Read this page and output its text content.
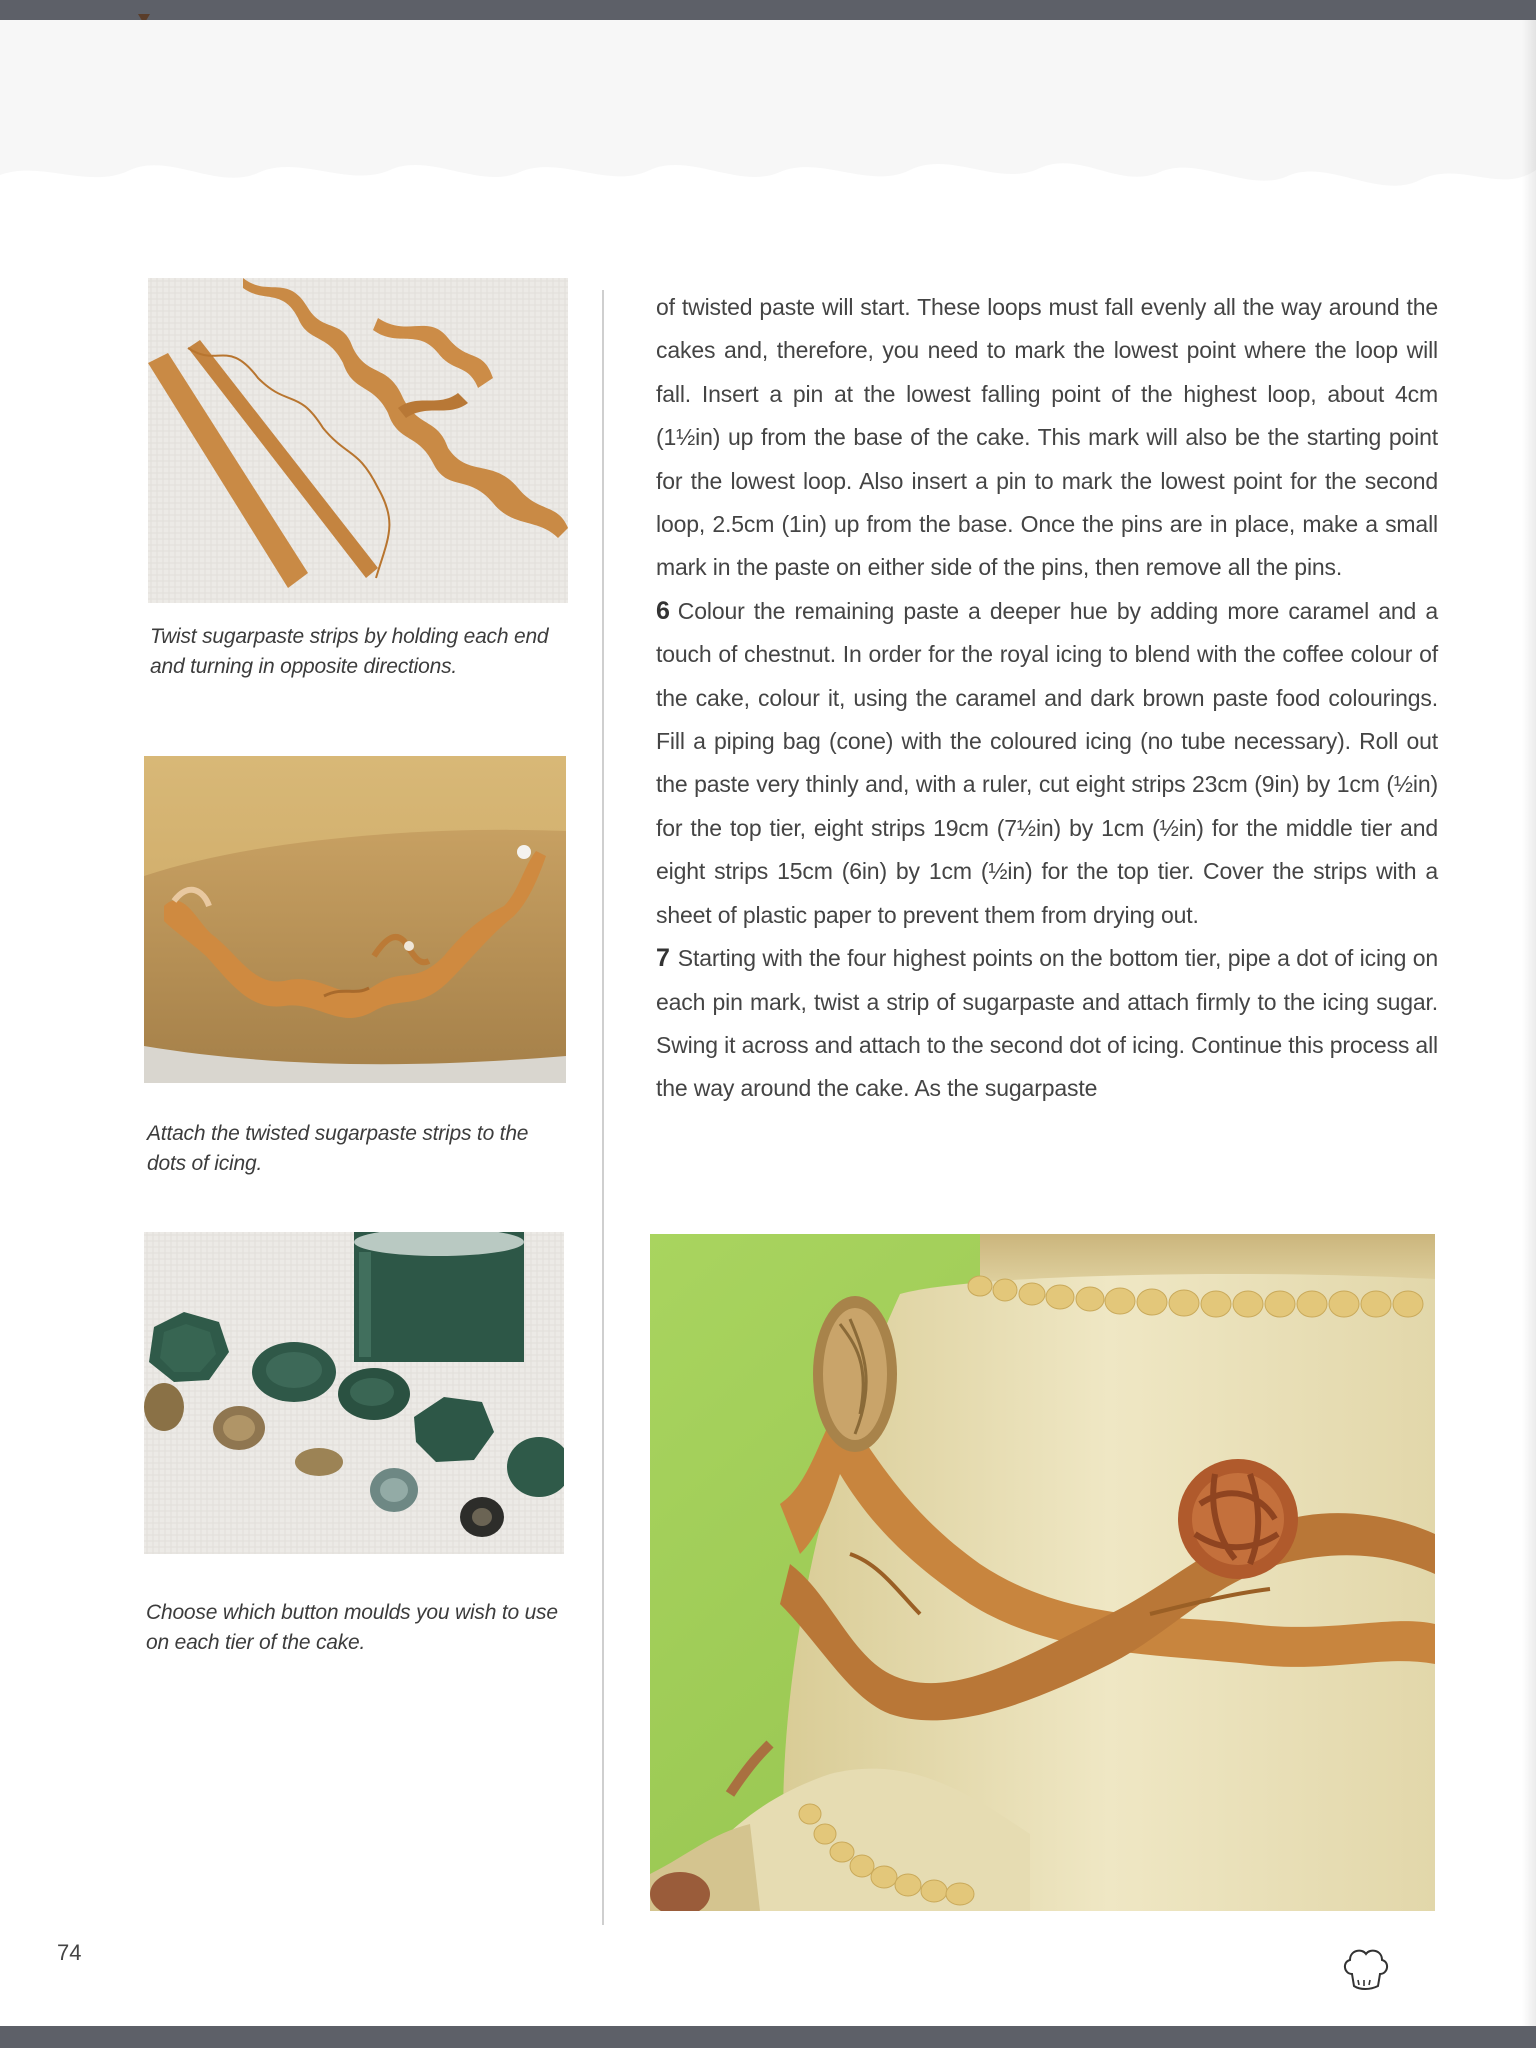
Twist sugarpaste strips by holding each end and turning in opposite directions.
Attach the twisted sugarpaste strips to the dots of icing.
Choose which button moulds you wish to use on each tier of the cake.

of twisted paste will start. These loops must fall evenly all the way around the cakes and, therefore, you need to mark the lowest point where the loop will fall. Insert a pin at the lowest falling point of the highest loop, about 4cm (1½in) up from the base of the cake. This mark will also be the starting point for the lowest loop. Also insert a pin to mark the lowest point for the second loop, 2.5cm (1in) up from the base. Once the pins are in place, make a small mark in the paste on either side of the pins, then remove all the pins.

6 Colour the remaining paste a deeper hue by adding more caramel and a touch of chestnut. In order for the royal icing to blend with the coffee colour of the cake, colour it, using the caramel and dark brown paste food colourings. Fill a piping bag (cone) with the coloured icing (no tube necessary). Roll out the paste very thinly and, with a ruler, cut eight strips 23cm (9in) by 1cm (½in) for the top tier, eight strips 19cm (7½in) by 1cm (½in) for the middle tier and eight strips 15cm (6in) by 1cm (½in) for the top tier. Cover the strips with a sheet of plastic paper to prevent them from drying out.

7 Starting with the four highest points on the bottom tier, pipe a dot of icing on each pin mark, twist a strip of sugarpaste and attach firmly to the icing sugar. Swing it across and attach to the second dot of icing. Continue this process all the way around the cake. As the sugarpaste

74
